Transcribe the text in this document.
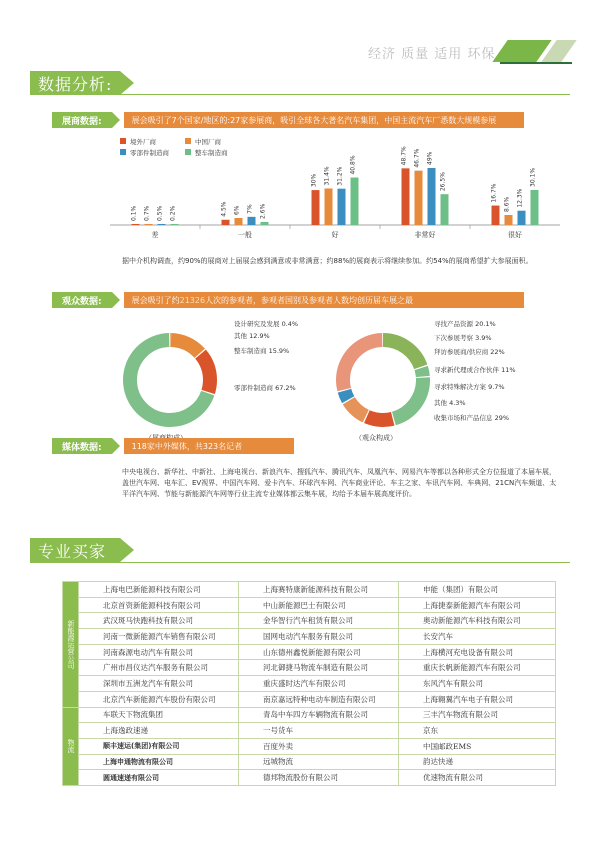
经济 质量 适用 环保
数据分析:
展商数据:	展会吸引了7个国家/地区的:27家参展商，吸引全球各大著名汽车集团，中国主流汽车厂悉数大规模参展
境外厂商	中国厂商
零部件制造商	整车制造商
0.1% 0.7% 0.5% 0.2%
差
4.5% 6% 7% 2.6%
一般
30% 31.4% 31.2%
40.8%
好
48.7% 46.7% 49%
26.5%
非常好
16.7%
8.6% 12.3%
30.1%
很好
据中介机构调查，约90%的展商对上届展会感到满意或非常满意；约88%的展商表示将继续参加。约54%的展商希望扩大参展面积。
观众数据:	展会吸引了约 21326 人次的参观者，参观者国别及参观者人数均创历届车展之最
设计研究及发展 0.4%
其他 12.9%
整车制造商 15.9%
零部件制造商 67.2%
寻找产品资源 20.1%
下次参展考察 3.9%
拜访参展商/供应商 22%
寻求新代理或合作伙伴 11%
寻求特殊解决方案 9.7%
其他 4.3%
收集市场和产品信息 29%
（观众构成）
媒体数据:	118家中外媒体，共323名记者
中央电视台、新华社、中新社、上海电视台、新浪汽车、搜狐汽车、腾讯汽车、凤凰汽车、网易汽车等都以各种形式全方位报道了本届车展，盖世汽车网、电车汇、EV视界、中国汽车网、爱卡汽车、环球汽车网、汽车商业评论、车主之家、车讯汽车网、车典网、21CN汽车频道、太平洋汽车网、节能与新能源汽车网等行业主流专业媒体都云集车展，均给予本届车展高度评价。
专业买家
新能源运营公司	上海电巴新能源科技有限公司	上海赛特康新能源科技有限公司	申能（集团）有限公司
	北京首资新能源科技有限公司	中山新能源巴士有限公司	上海捷泰新能源汽车有限公司
	武汉斑马快跑科技有限公司	金华智行汽车租赁有限公司	奥动新能源汽车科技有限公司
	河南一微新能源汽车销售有限公司	国网电动汽车服务有限公司	长安汽车
	河南森源电动汽车有限公司	山东德州鑫悦新能源有限公司	上海横河充电设备有限公司
	广州市昌仪达汽车服务有限公司	河北御捷马物流车制造有限公司	重庆长帆新能源汽车有限公司
	深圳市五洲龙汽车有限公司	重庆盛时达汽车有限公司	东风汽车有限公司
	北京汽车新能源汽车股份有限公司	南京嘉远特种电动车制造有限公司	上海翱翼汽车电子有限公司
物流	车联天下物流集团	青岛中车四方车辆物流有限公司	三丰汽车物流有限公司
	上海逸政速递	一号货车	京东
	顺丰速运(集团)有限公司	百度外卖	中国邮政EMS
	上海申通物流有限公司	远城物流	韵达快递
	圆通速递有限公司	德邦物流股份有限公司	优速物流有限公司
